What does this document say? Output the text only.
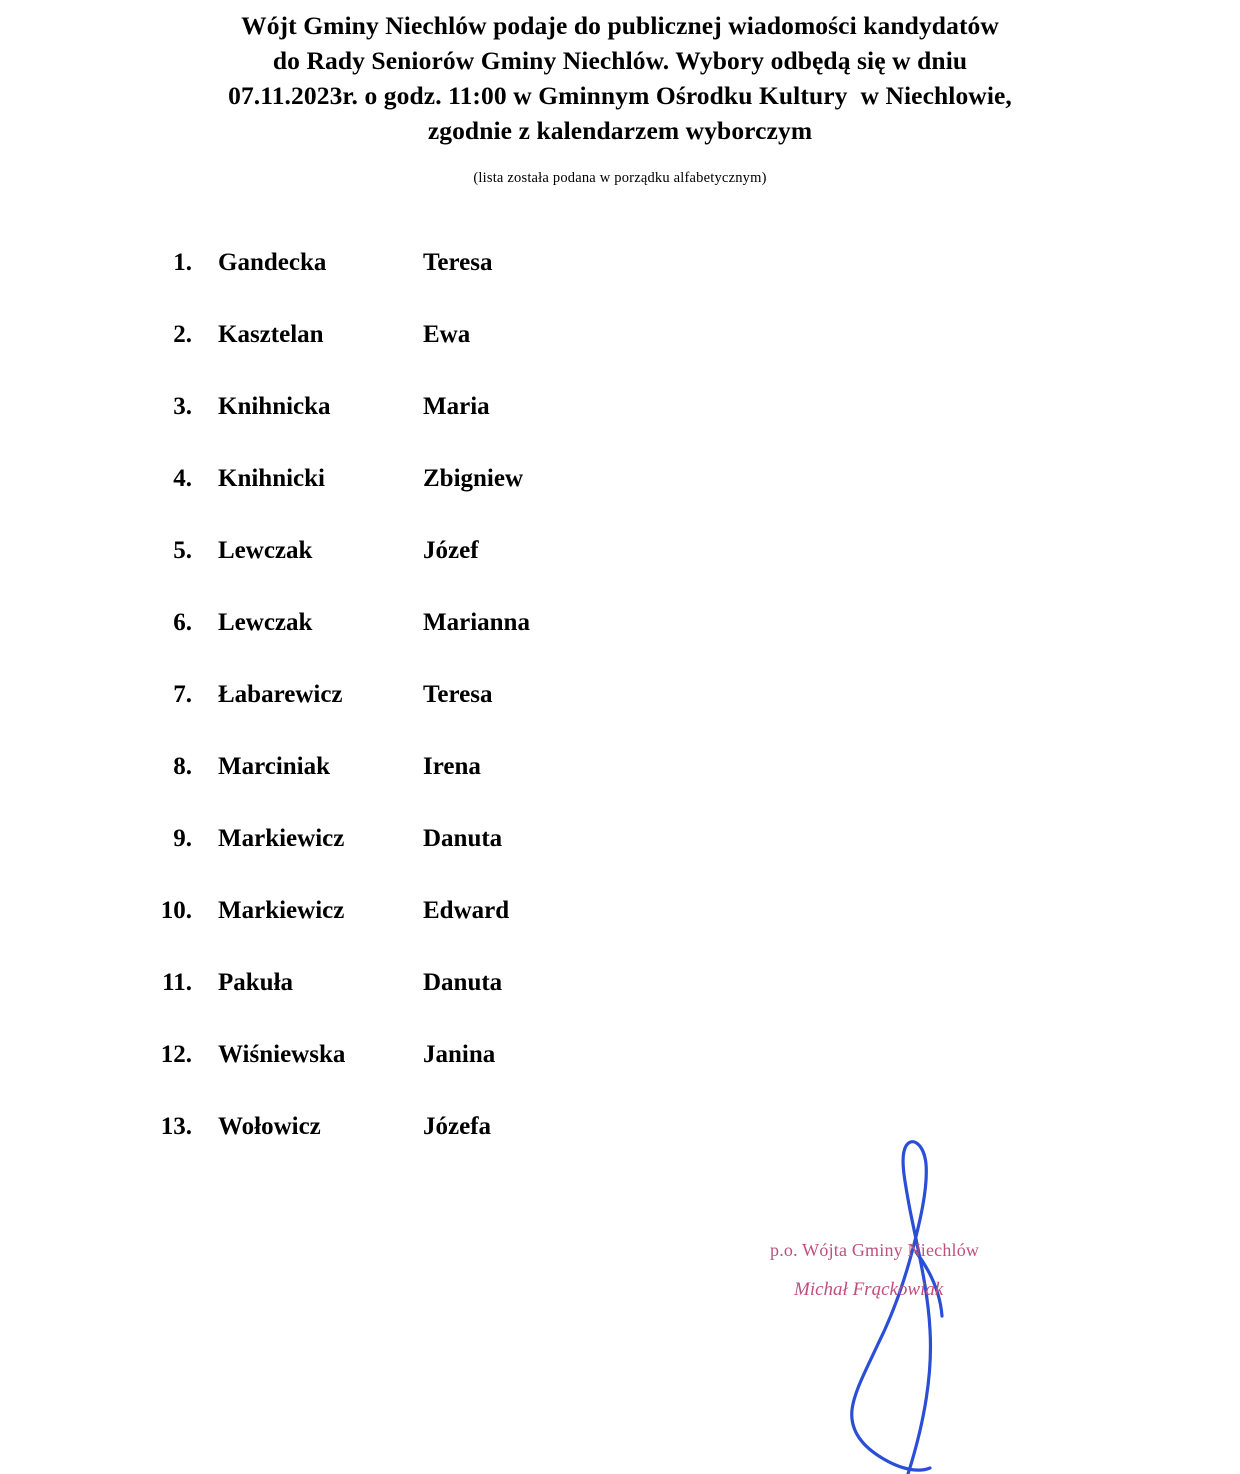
Wójt Gminy Niechlów podaje do publicznej wiadomości kandydatów
do Rady Seniorów Gminy Niechlów. Wybory odbędą się w dniu
07.11.2023r. o godz. 11:00 w Gminnym Ośrodku Kultury  w Niechlowie,
zgodnie z kalendarzem wyborczym
(lista została podana w porządku alfabetycznym)
1.	Gandecka	Teresa
2.	Kasztelan	Ewa
3.	Knihnicka	Maria
4.	Knihnicki	Zbigniew
5.	Lewczak	Józef
6.	Lewczak	Marianna
7.	Łabarewicz	Teresa
8.	Marciniak	Irena
9.	Markiewicz	Danuta
10.	Markiewicz	Edward
11.	Pakuła	Danuta
12.	Wiśniewska	Janina
13.	Wołowicz	Józefa
p.o. Wójta Gminy Niechlów
Michał Frąckowiak
